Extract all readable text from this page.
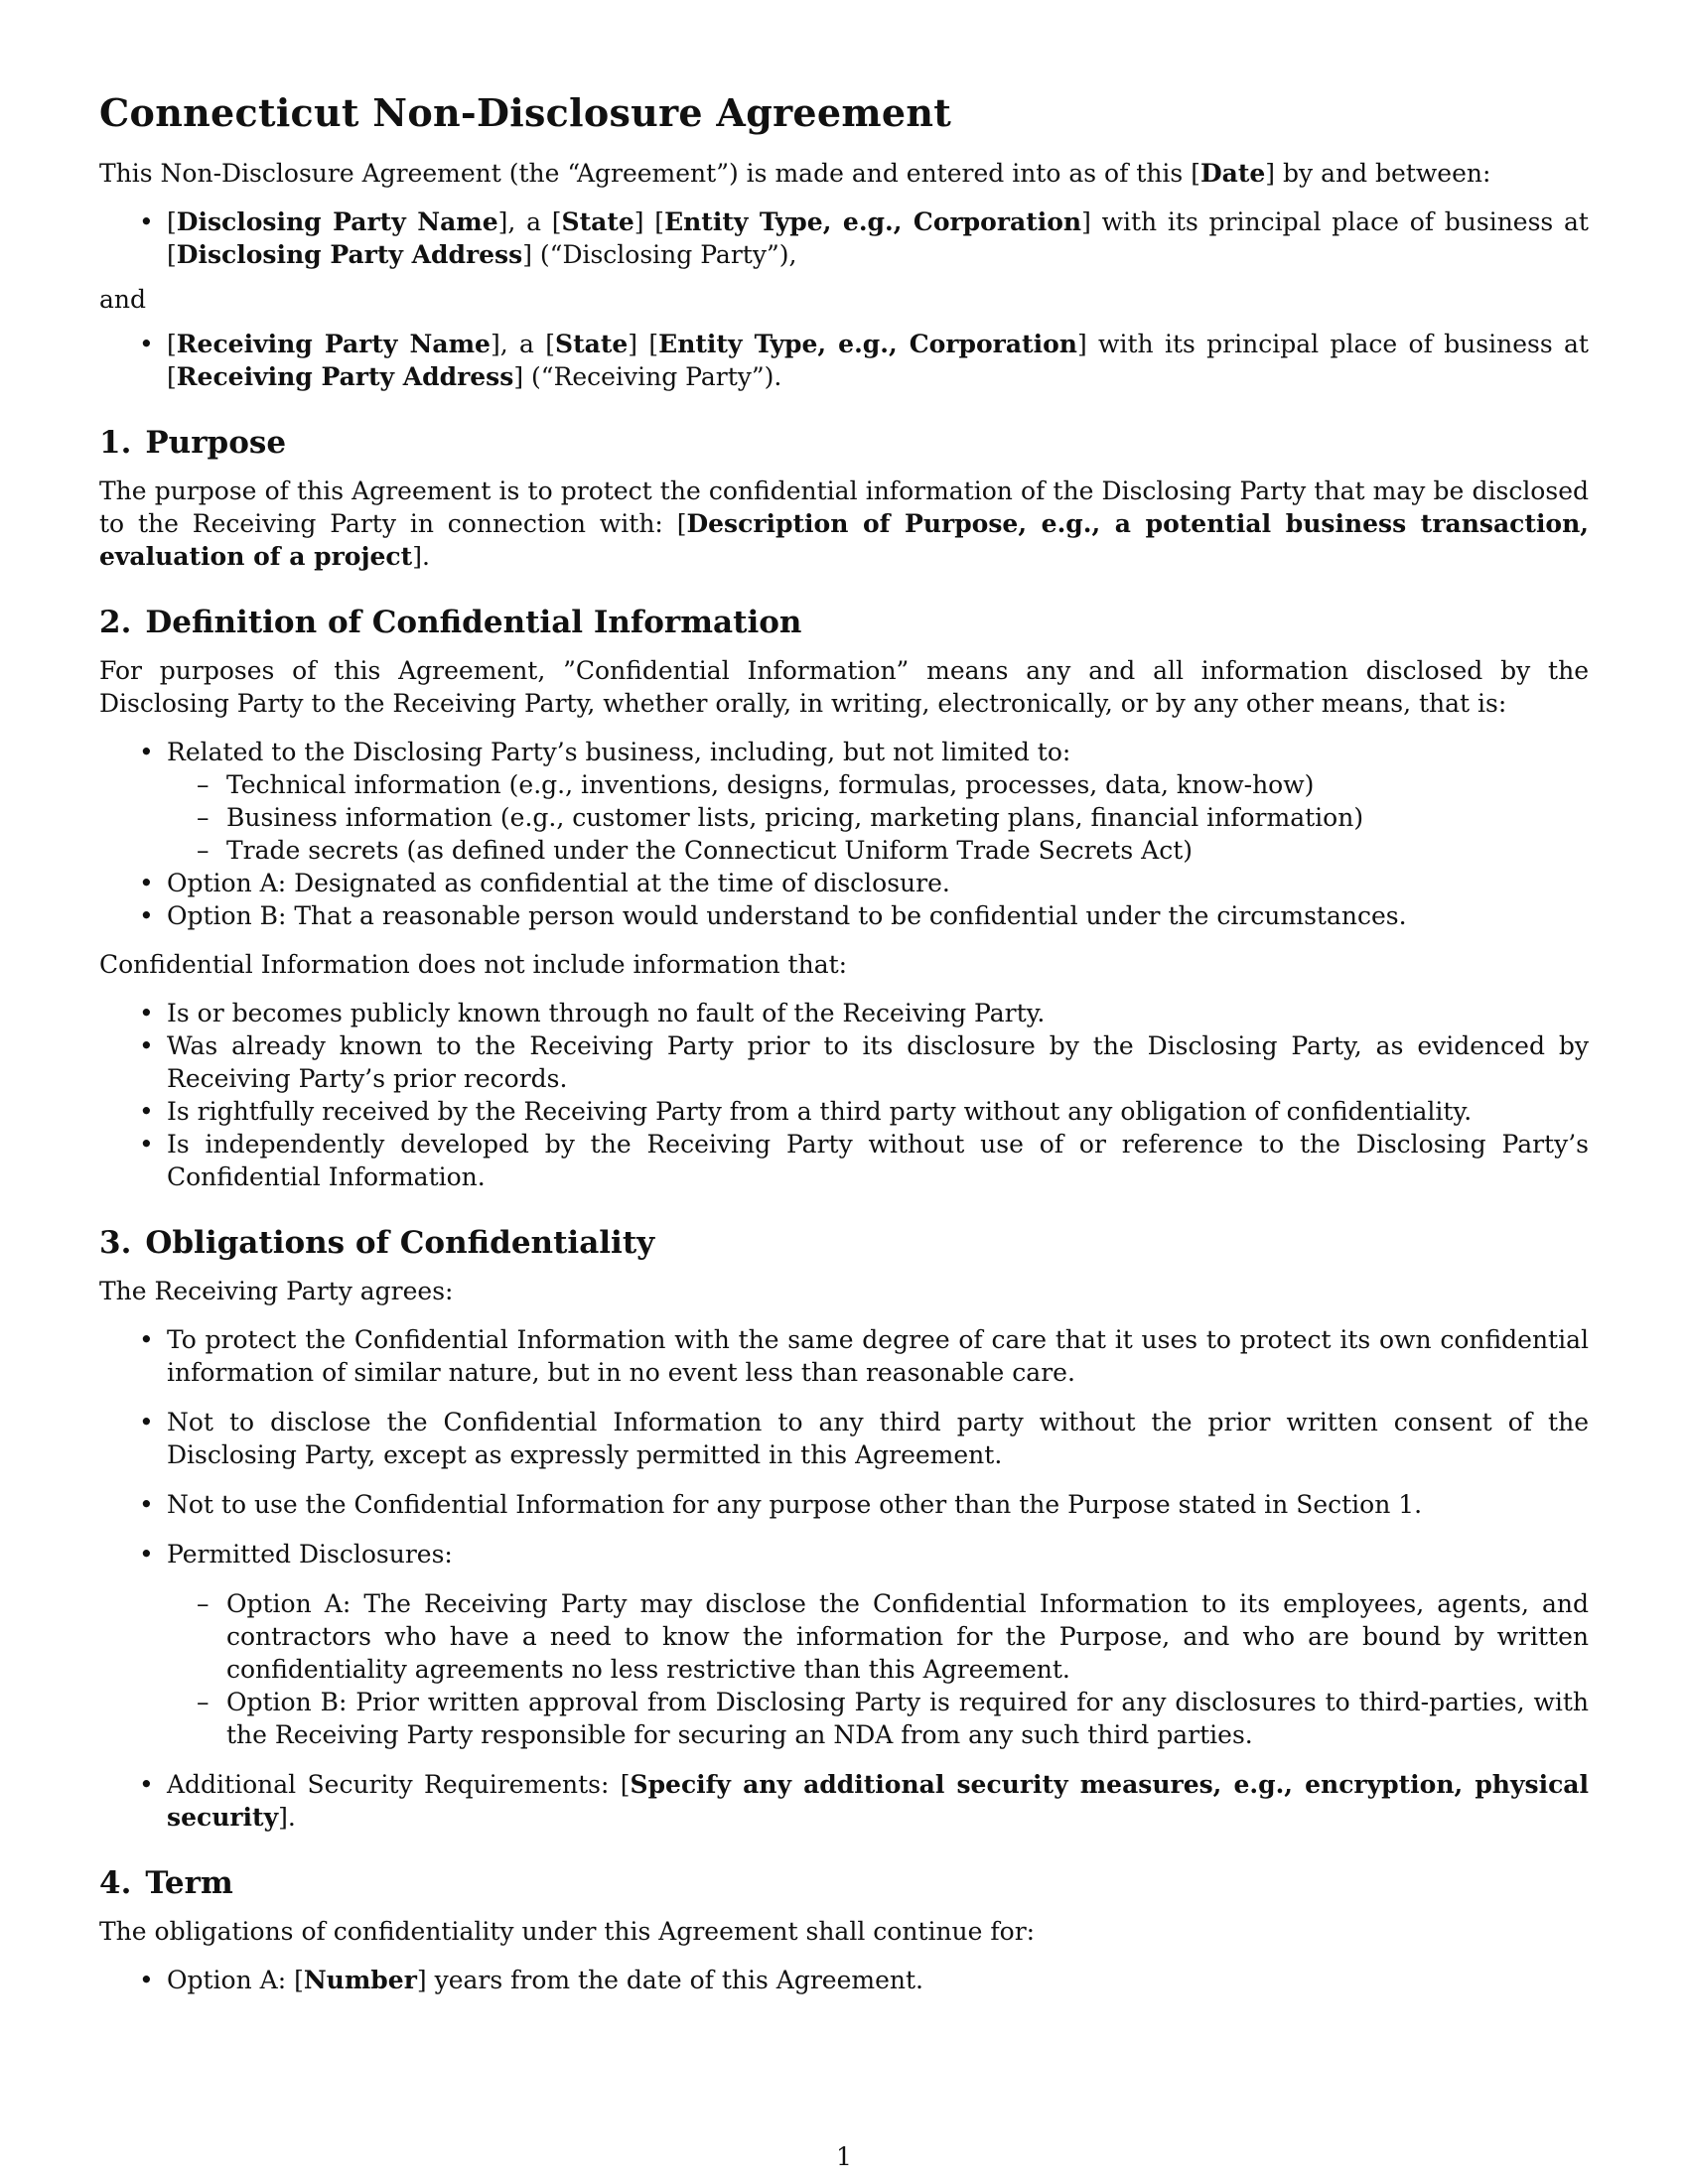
Connecticut Non-Disclosure Agreement

This Non-Disclosure Agreement (the “Agreement”) is made and entered into as of this [Date] by and between:

• [Disclosing Party Name], a [State] [Entity Type, e.g., Corporation] with its principal place of business at [Disclosing Party Address] (“Disclosing Party”),

and

• [Receiving Party Name], a [State] [Entity Type, e.g., Corporation] with its principal place of business at [Receiving Party Address] (“Receiving Party”).
1. Purpose

The purpose of this Agreement is to protect the confidential information of the Disclosing Party that may be disclosed to the Receiving Party in connection with: [Description of Purpose, e.g., a potential business transaction, evaluation of a project].

2. Definition of Confidential Information

For purposes of this Agreement, ”Confidential Information” means any and all information disclosed by the Disclosing Party to the Receiving Party, whether orally, in writing, electronically, or by any other means, that is:

• Related to the Disclosing Party’s business, including, but not limited to:
– Technical information (e.g., inventions, designs, formulas, processes, data, know-how)
– Business information (e.g., customer lists, pricing, marketing plans, financial information)
– Trade secrets (as defined under the Connecticut Uniform Trade Secrets Act)
• Option A: Designated as confidential at the time of disclosure.
• Option B: That a reasonable person would understand to be confidential under the circumstances.

Confidential Information does not include information that:

• Is or becomes publicly known through no fault of the Receiving Party.
• Was already known to the Receiving Party prior to its disclosure by the Disclosing Party, as evidenced by Receiving Party’s prior records.
• Is rightfully received by the Receiving Party from a third party without any obligation of confidentiality.
• Is independently developed by the Receiving Party without use of or reference to the Disclosing Party’s Confidential Information.
3. Obligations of Confidentiality

The Receiving Party agrees:

• To protect the Confidential Information with the same degree of care that it uses to protect its own confidential information of similar nature, but in no event less than reasonable care.
• Not to disclose the Confidential Information to any third party without the prior written consent of the Disclosing Party, except as expressly permitted in this Agreement.
• Not to use the Confidential Information for any purpose other than the Purpose stated in Section 1.
• Permitted Disclosures:
– Option A: The Receiving Party may disclose the Confidential Information to its employees, agents, and contractors who have a need to know the information for the Purpose, and who are bound by written confidentiality agreements no less restrictive than this Agreement.
– Option B: Prior written approval from Disclosing Party is required for any disclosures to third-parties, with the Receiving Party responsible for securing an NDA from any such third parties.
• Additional Security Requirements: [Specify any additional security measures, e.g., encryption, physical security].
4. Term

The obligations of confidentiality under this Agreement shall continue for:

• Option A: [Number] years from the date of this Agreement.
1
